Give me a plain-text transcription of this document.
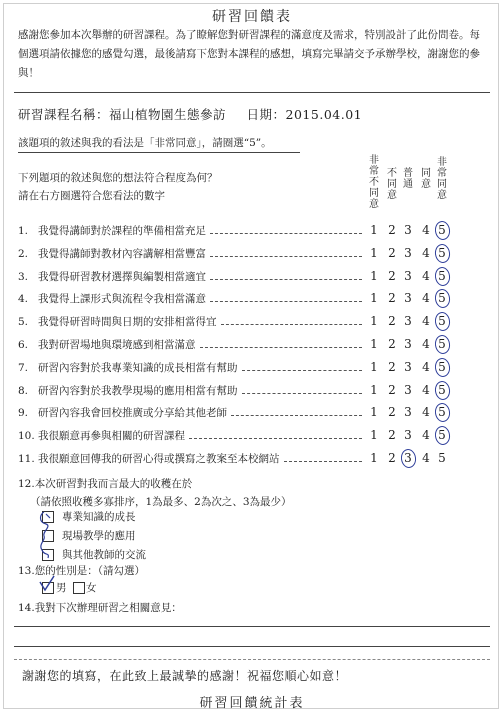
研習回饋表
感謝您參加本次舉辦的研習課程。為了瞭解您對研習課程的滿意度及需求，特別設計了此份問卷。每個選項請依據您的感覺勾選，最後請寫下您對本課程的感想，填寫完畢請交予承辦學校，謝謝您的參與！
研習課程名稱：福山植物園生態參訪 日期：2015.04.01
該題項的敘述與我的看法是「非常同意」，請圈選“5”。
下列題項的敘述與您的想法符合程度為何？
請在右方圈選符合您看法的數字
非常不同意
不同意
普通
同意
非常同意
1. 我覺得講師對於課程的準備相當充足	1 2 3 4 5
2. 我覺得講師對教材內容講解相當豐富	1 2 3 4 5
3. 我覺得研習教材選擇與編製相當適宜	1 2 3 4 5
4. 我覺得上課形式與流程令我相當滿意	1 2 3 4 5
5. 我覺得研習時間與日期的安排相當得宜	1 2 3 4 5
6. 我對研習場地與環境感到相當滿意	1 2 3 4 5
7. 研習內容對於我專業知識的成長相當有幫助	1 2 3 4 5
8. 研習內容對於我教學現場的應用相當有幫助	1 2 3 4 5
9. 研習內容我會回校推廣或分享給其他老師	1 2 3 4 5
10. 我很願意再參與相關的研習課程	1 2 3 4 5
11. 我很願意回傳我的研習心得或撰寫之教案至本校網站	1 2 3 4 5
12.本次研習對我而言最大的收穫在於
（請依照收穫多寡排序，1為最多、2為次之、3為最少）
專業知識的成長
現場教學的應用
與其他教師的交流
13.您的性別是：（請勾選）
男 女
14.我對下次辦理研習之相關意見：
謝謝您的填寫，在此致上最誠摯的感謝！祝福您順心如意！
研習回饋統計表
